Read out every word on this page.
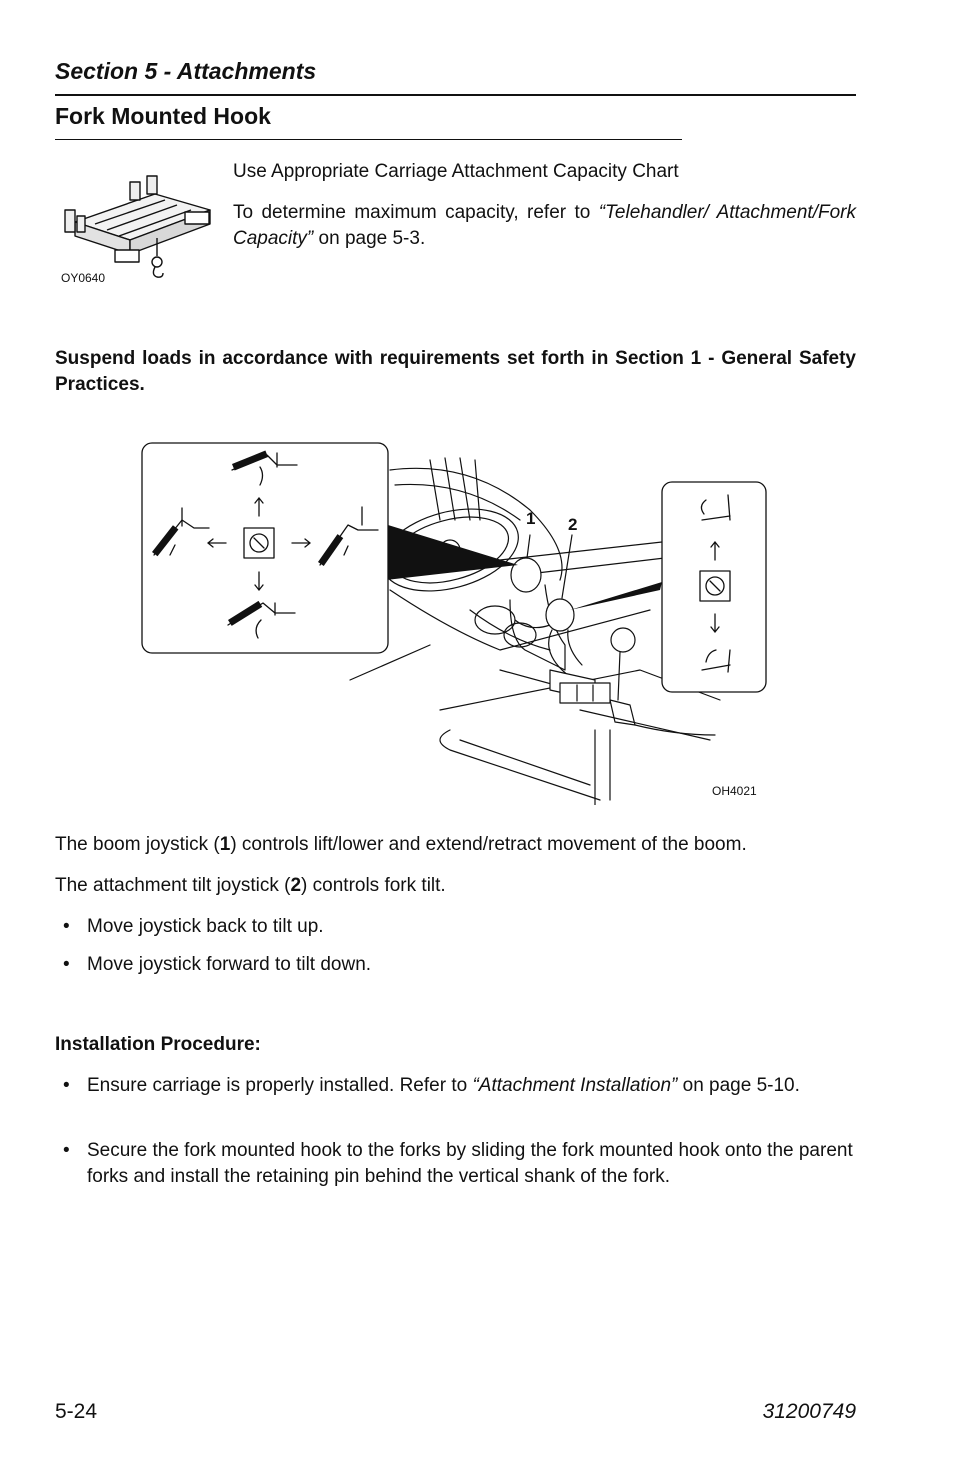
Section 5 - Attachments
Fork Mounted Hook
OY0640
Use Appropriate Carriage Attachment Capacity Chart
To determine maximum capacity, refer to “Telehandler/ Attachment/Fork Capacity” on page 5-3.
Suspend loads in accordance with requirements set forth in Section 1 - General Safety Practices.
1 2
OH4021
The boom joystick (1) controls lift/lower and extend/retract movement of the boom.
The attachment tilt joystick (2) controls fork tilt.
• Move joystick back to tilt up.
• Move joystick forward to tilt down.
Installation Procedure:
• Ensure carriage is properly installed. Refer to “Attachment Installation” on page 5-10.
• Secure the fork mounted hook to the forks by sliding the fork mounted hook onto the parent forks and install the retaining pin behind the vertical shank of the fork.
5-24	31200749
